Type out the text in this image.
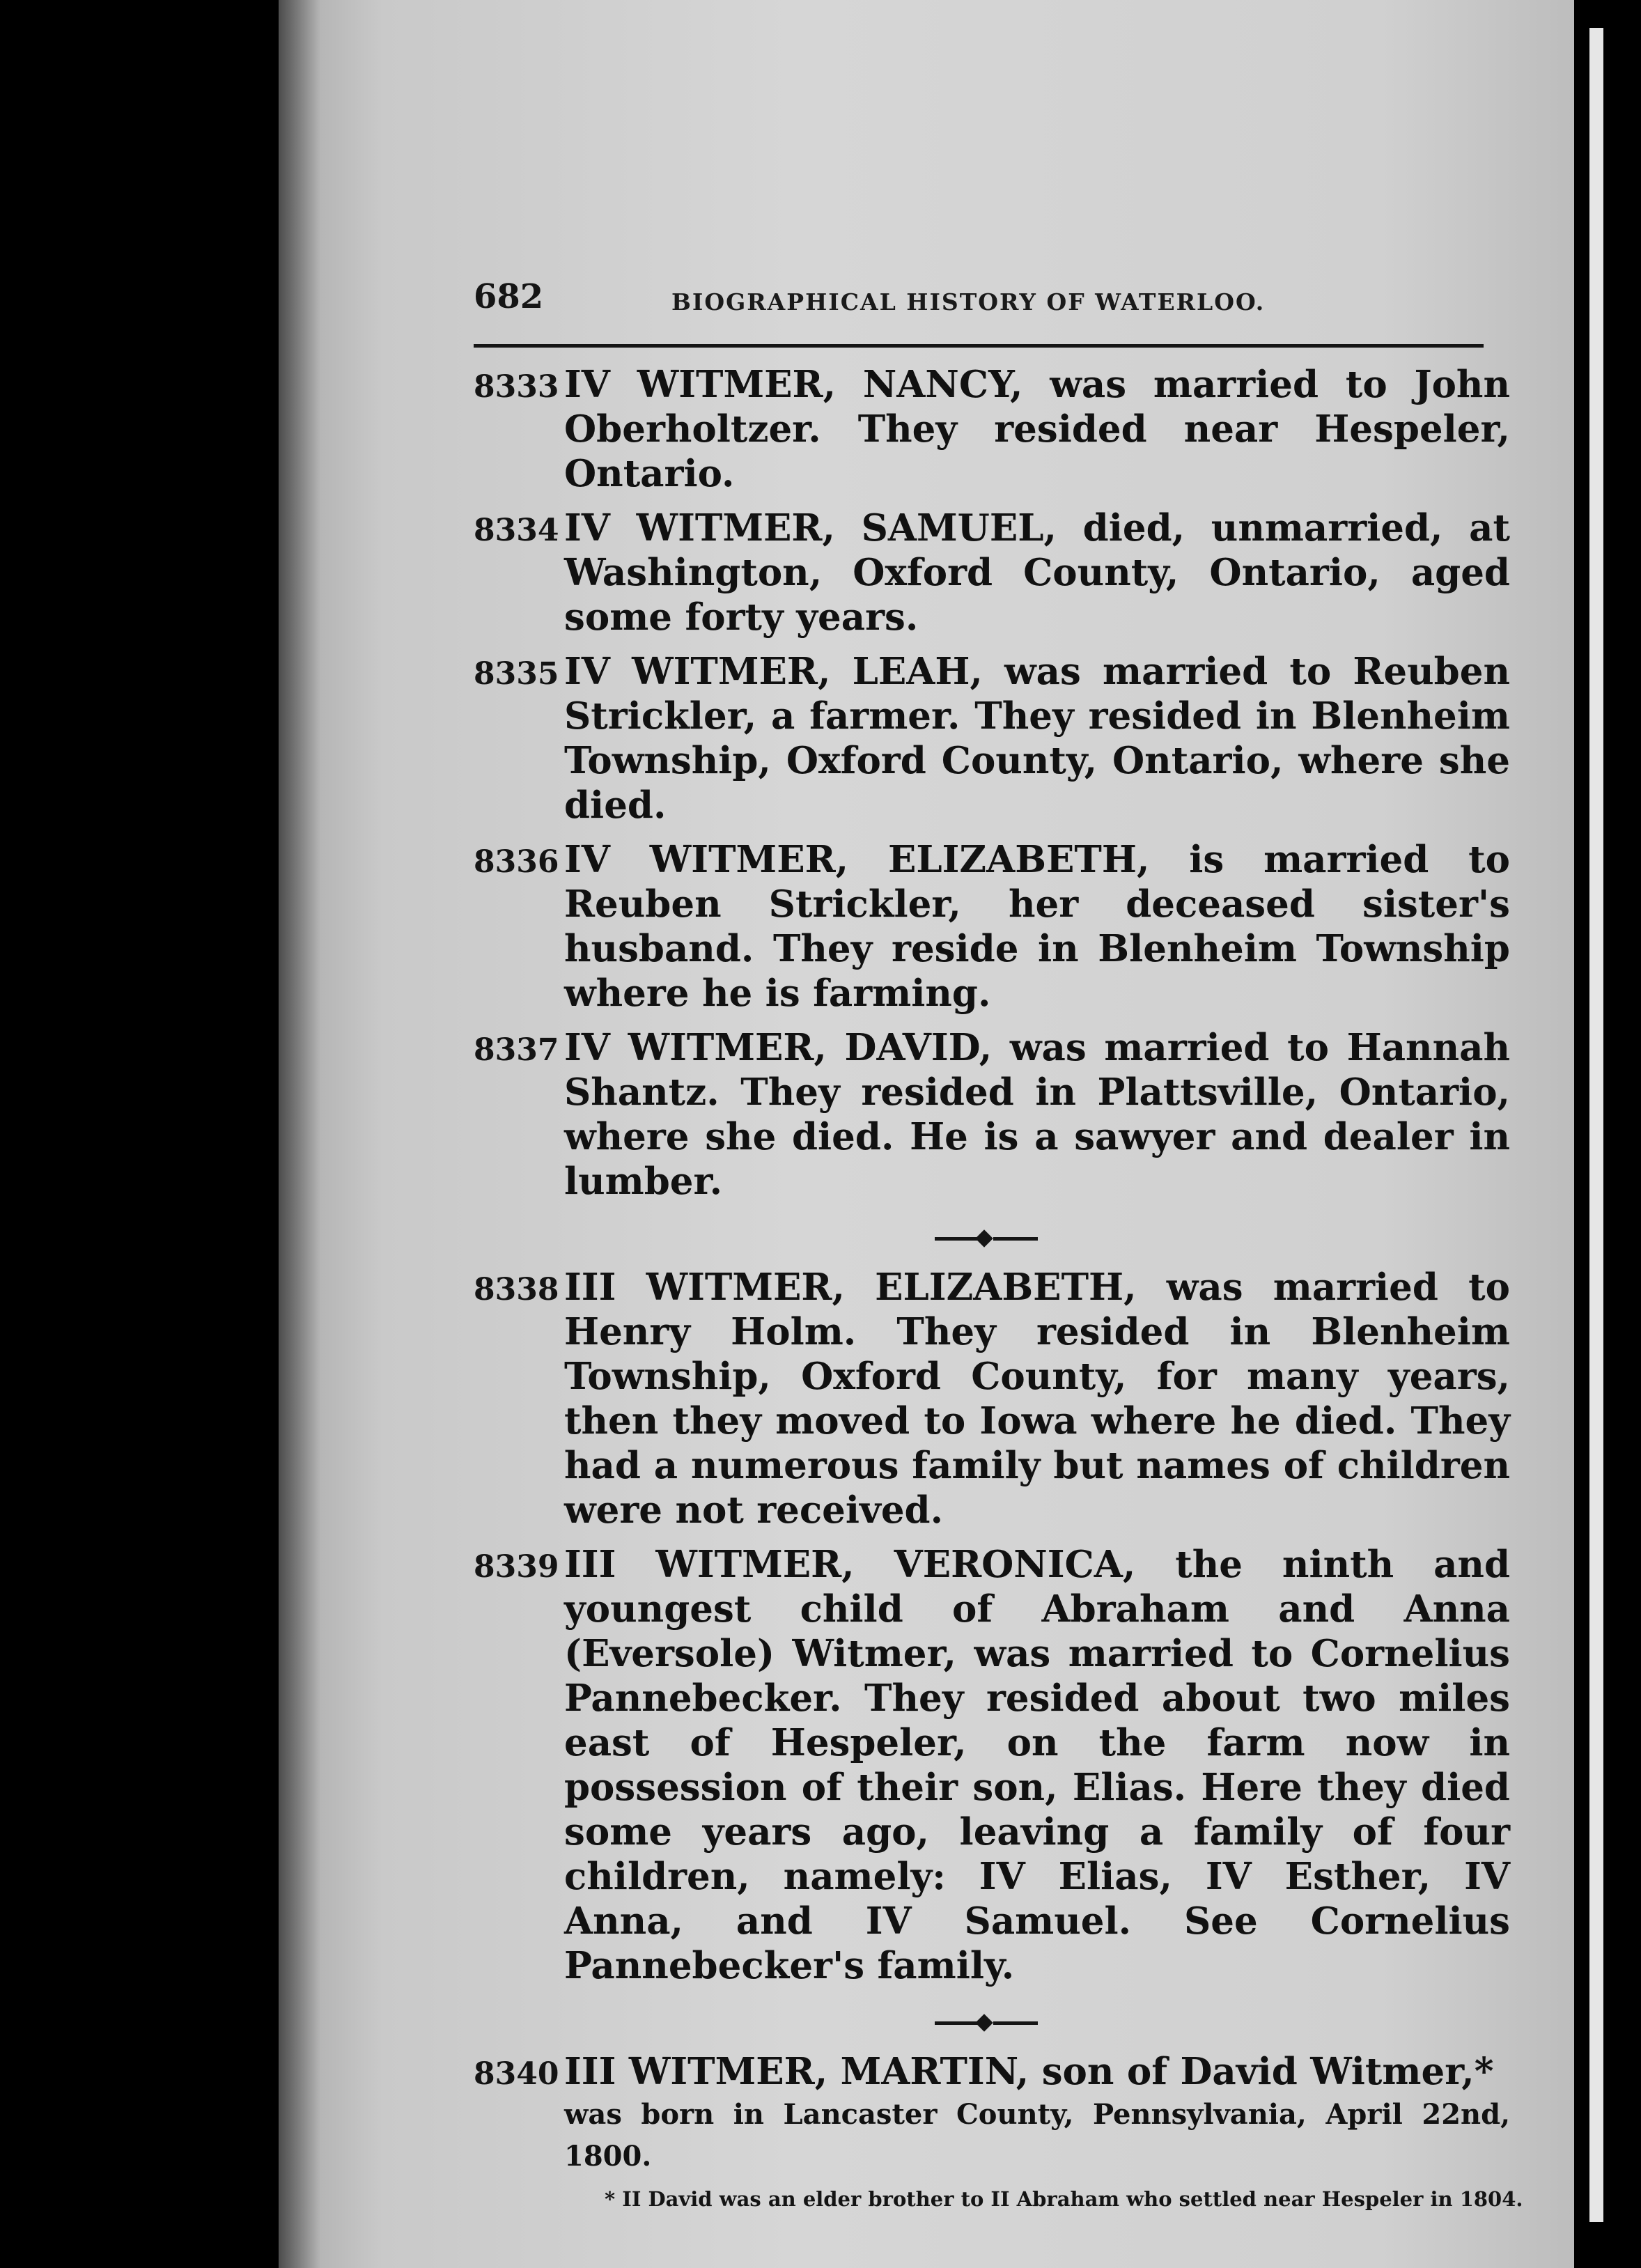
682	BIOGRAPHICAL HISTORY OF WATERLOO.
8333 IV WITMER, NANCY, was married to John Oberholtzer. They resided near Hespeler, Ontario.
8334 IV WITMER, SAMUEL, died, unmarried, at Washington, Oxford County, Ontario, aged some forty years.
8335 IV WITMER, LEAH, was married to Reuben Strickler, a farmer. They resided in Blenheim Township, Oxford County, Ontario, where she died.
8336 IV WITMER, ELIZABETH, is married to Reuben Strickler, her deceased sister's husband. They reside in Blenheim Township where he is farming.
8337 IV WITMER, DAVID, was married to Hannah Shantz. They resided in Plattsville, Ontario, where she died. He is a sawyer and dealer in lumber.
8338 III WITMER, ELIZABETH, was married to Henry Holm. They resided in Blenheim Township, Oxford County, for many years, then they moved to Iowa where he died. They had a numerous family but names of children were not received.
8339 III WITMER, VERONICA, the ninth and youngest child of Abraham and Anna (Eversole) Witmer, was married to Cornelius Pannebecker. They resided about two miles east of Hespeler, on the farm now in possession of their son, Elias. Here they died some years ago, leaving a family of four children, namely: IV Elias, IV Esther, IV Anna, and IV Samuel. See Cornelius Pannebecker's family.
8340 III WITMER, MARTIN, son of David Witmer,*
was born in Lancaster County, Pennsylvania, April 22nd, 1800.
* II David was an elder brother to II Abraham who settled near Hespeler in 1804.
